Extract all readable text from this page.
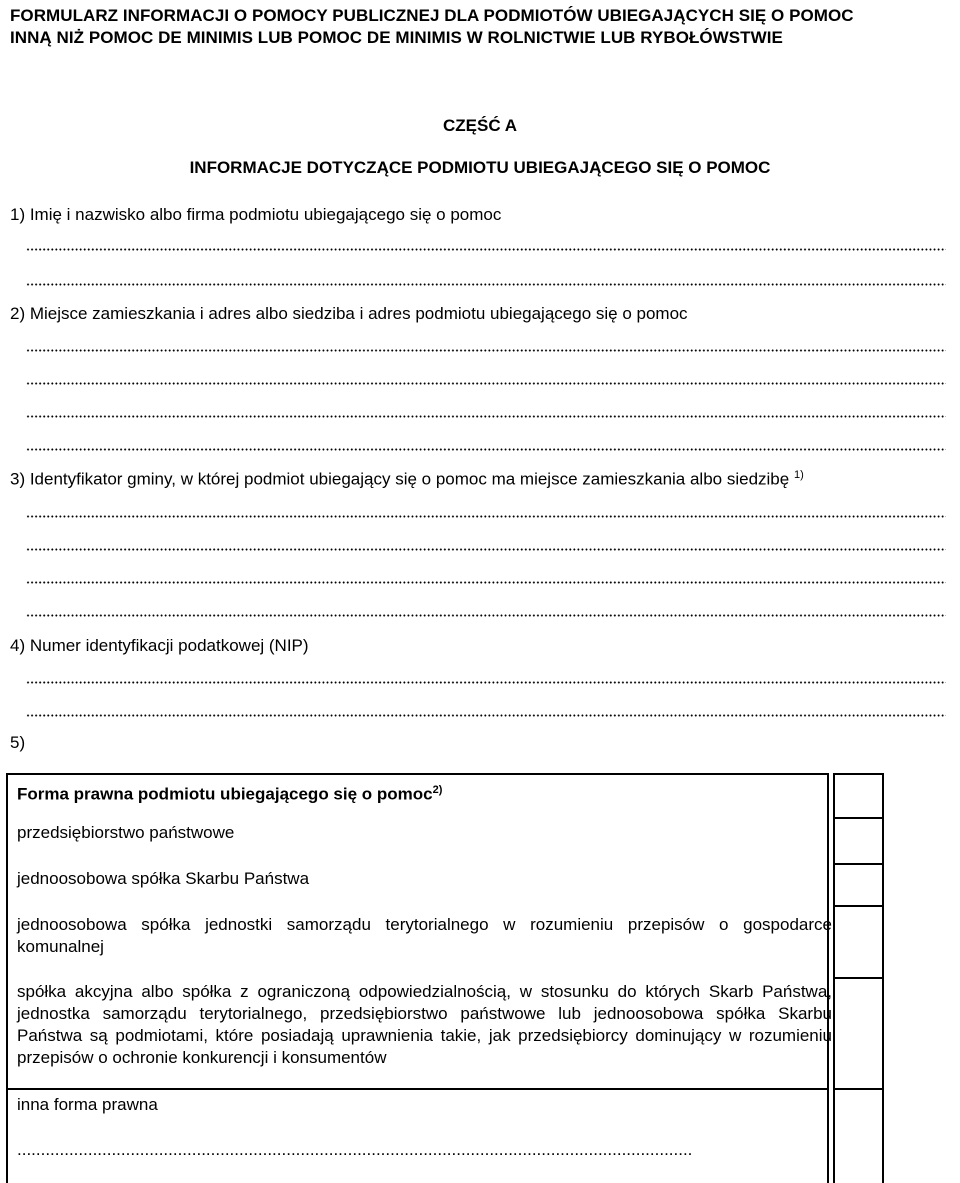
FORMULARZ INFORMACJI O POMOCY PUBLICZNEJ DLA PODMIOTÓW UBIEGAJĄCYCH SIĘ O POMOC
INNĄ NIŻ POMOC DE MINIMIS LUB POMOC DE MINIMIS W ROLNICTWIE LUB RYBOŁÓWSTWIE
CZĘŚĆ A
INFORMACJE DOTYCZĄCE PODMIOTU UBIEGAJĄCEGO SIĘ O POMOC
1) Imię i nazwisko albo firma podmiotu ubiegającego się o pomoc
2) Miejsce zamieszkania i adres albo siedziba i adres podmiotu ubiegającego się o pomoc
3) Identyfikator gminy, w której podmiot ubiegający się o pomoc ma miejsce zamieszkania albo siedzibę $^{1)}$
4) Numer identyfikacji podatkowej (NIP)
5)
Forma prawna podmiotu ubiegającego się o pomoc$^{2)}$
przedsiębiorstwo państwowe
jednoosobowa spółka Skarbu Państwa
jednoosobowa spółka jednostki samorządu terytorialnego w rozumieniu przepisów o gospodarce komunalnej
spółka akcyjna albo spółka z ograniczoną odpowiedzialnością, w stosunku do których Skarb Państwa, jednostka samorządu terytorialnego, przedsiębiorstwo państwowe lub jednoosobowa spółka Skarbu Państwa są podmiotami, które posiadają uprawnienia takie, jak przedsiębiorcy dominujący w rozumieniu przepisów o ochronie konkurencji i konsumentów
inna forma prawna
...............................................................................................................................................
